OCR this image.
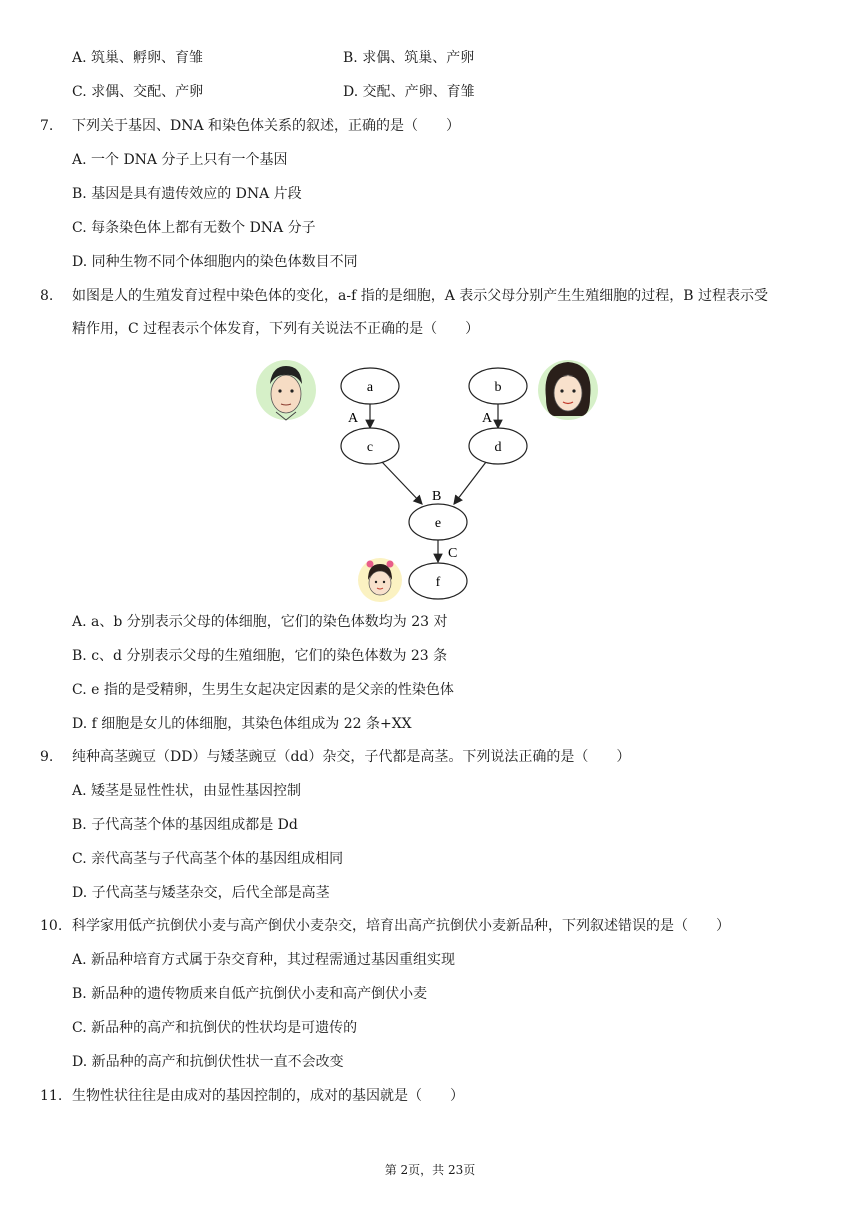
A. 筑巢、孵卵、育雏	B. 求偶、筑巢、产卵
C. 求偶、交配、产卵	D. 交配、产卵、育雏
7. 下列关于基因、DNA 和染色体关系的叙述，正确的是（　　）
A. 一个 DNA 分子上只有一个基因
B. 基因是具有遗传效应的 DNA 片段
C. 每条染色体上都有无数个 DNA 分子
D. 同种生物不同个体细胞内的染色体数目不同
8. 如图是人的生殖发育过程中染色体的变化，a-f 指的是细胞，A 表示父母分别产生生殖细胞的过程，B 过程表示受
精作用，C 过程表示个体发育，下列有关说法不正确的是（　　）
A	A
B
C
a	b
c	d
e
f
A. a、b 分别表示父母的体细胞，它们的染色体数均为 23 对
B. c、d 分别表示父母的生殖细胞，它们的染色体数为 23 条
C. e 指的是受精卵，生男生女起决定因素的是父亲的性染色体
D. f 细胞是女儿的体细胞，其染色体组成为 22 条+XX
9. 纯种高茎豌豆（DD）与矮茎豌豆（dd）杂交，子代都是高茎。下列说法正确的是（　　）
A. 矮茎是显性性状，由显性基因控制
B. 子代高茎个体的基因组成都是 Dd
C. 亲代高茎与子代高茎个体的基因组成相同
D. 子代高茎与矮茎杂交，后代全部是高茎
10. 科学家用低产抗倒伏小麦与高产倒伏小麦杂交，培育出高产抗倒伏小麦新品种，下列叙述错误的是（　　）
A. 新品种培育方式属于杂交育种，其过程需通过基因重组实现
B. 新品种的遗传物质来自低产抗倒伏小麦和高产倒伏小麦
C. 新品种的高产和抗倒伏的性状均是可遗传的
D. 新品种的高产和抗倒伏性状一直不会改变
11. 生物性状往往是由成对的基因控制的，成对的基因就是（　　）
第 2页，共 23页
